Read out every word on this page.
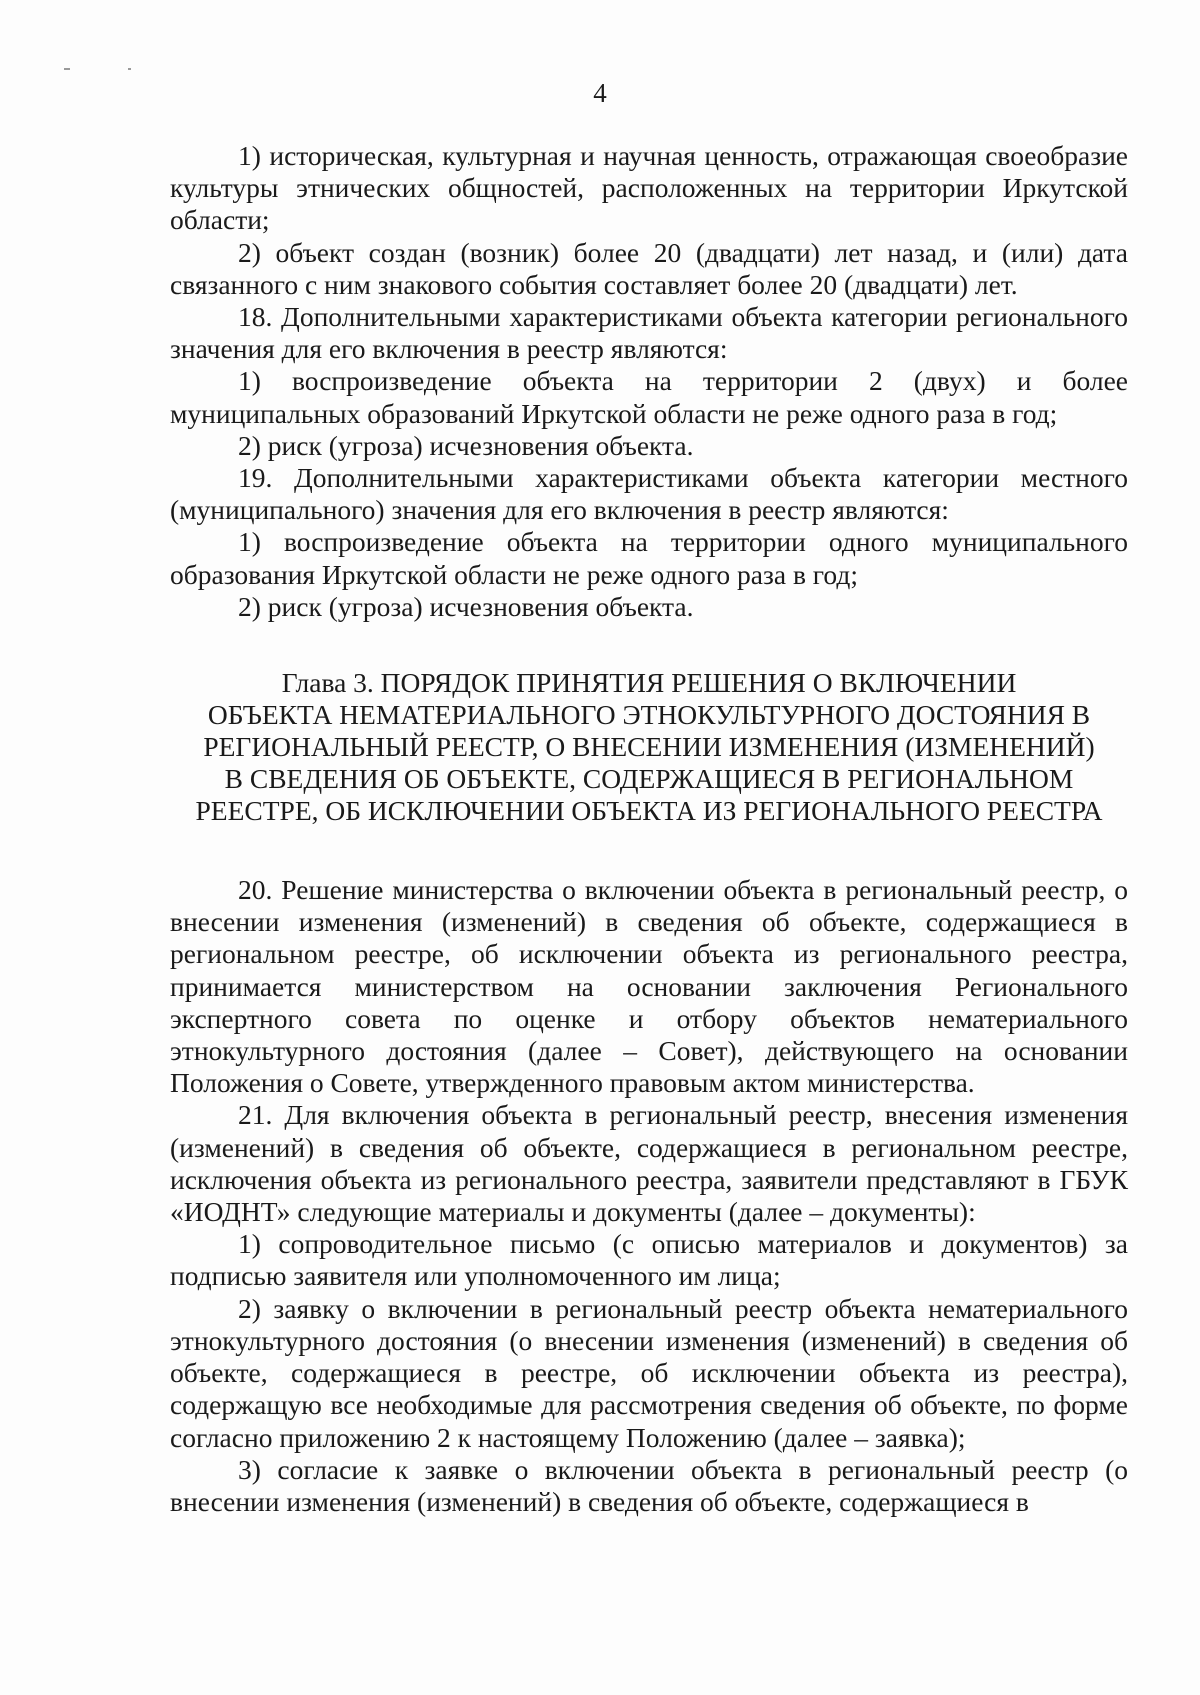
4

1) историческая, культурная и научная ценность, отражающая своеобразие культуры этнических общностей, расположенных на территории Иркутской области;

2) объект создан (возник) более 20 (двадцати) лет назад, и (или) дата связанного с ним знакового события составляет более 20 (двадцати) лет.

18. Дополнительными характеристиками объекта категории регионального значения для его включения в реестр являются:

1) воспроизведение объекта на территории 2 (двух) и более муниципальных образований Иркутской области не реже одного раза в год;

2) риск (угроза) исчезновения объекта.

19. Дополнительными характеристиками объекта категории местного (муниципального) значения для его включения в реестр являются:

1) воспроизведение объекта на территории одного муниципального образования Иркутской области не реже одного раза в год;

2) риск (угроза) исчезновения объекта.

Глава 3. ПОРЯДОК ПРИНЯТИЯ РЕШЕНИЯ О ВКЛЮЧЕНИИ
ОБЪЕКТА НЕМАТЕРИАЛЬНОГО ЭТНОКУЛЬТУРНОГО ДОСТОЯНИЯ В
РЕГИОНАЛЬНЫЙ РЕЕСТР, О ВНЕСЕНИИ ИЗМЕНЕНИЯ (ИЗМЕНЕНИЙ)
В СВЕДЕНИЯ ОБ ОБЪЕКТЕ, СОДЕРЖАЩИЕСЯ В РЕГИОНАЛЬНОМ
РЕЕСТРЕ, ОБ ИСКЛЮЧЕНИИ ОБЪЕКТА ИЗ РЕГИОНАЛЬНОГО РЕЕСТРА

20. Решение министерства о включении объекта в региональный реестр, о внесении изменения (изменений) в сведения об объекте, содержащиеся в региональном реестре, об исключении объекта из регионального реестра, принимается министерством на основании заключения Регионального экспертного совета по оценке и отбору объектов нематериального этнокультурного достояния (далее – Совет), действующего на основании Положения о Совете, утвержденного правовым актом министерства.

21. Для включения объекта в региональный реестр, внесения изменения (изменений) в сведения об объекте, содержащиеся в региональном реестре, исключения объекта из регионального реестра, заявители представляют в ГБУК «ИОДНТ» следующие материалы и документы (далее – документы):

1) сопроводительное письмо (с описью материалов и документов) за подписью заявителя или уполномоченного им лица;

2) заявку о включении в региональный реестр объекта нематериального этнокультурного достояния (о внесении изменения (изменений) в сведения об объекте, содержащиеся в реестре, об исключении объекта из реестра), содержащую все необходимые для рассмотрения сведения об объекте, по форме согласно приложению 2 к настоящему Положению (далее – заявка);

3) согласие к заявке о включении объекта в региональный реестр (о внесении изменения (изменений) в сведения об объекте, содержащиеся в
